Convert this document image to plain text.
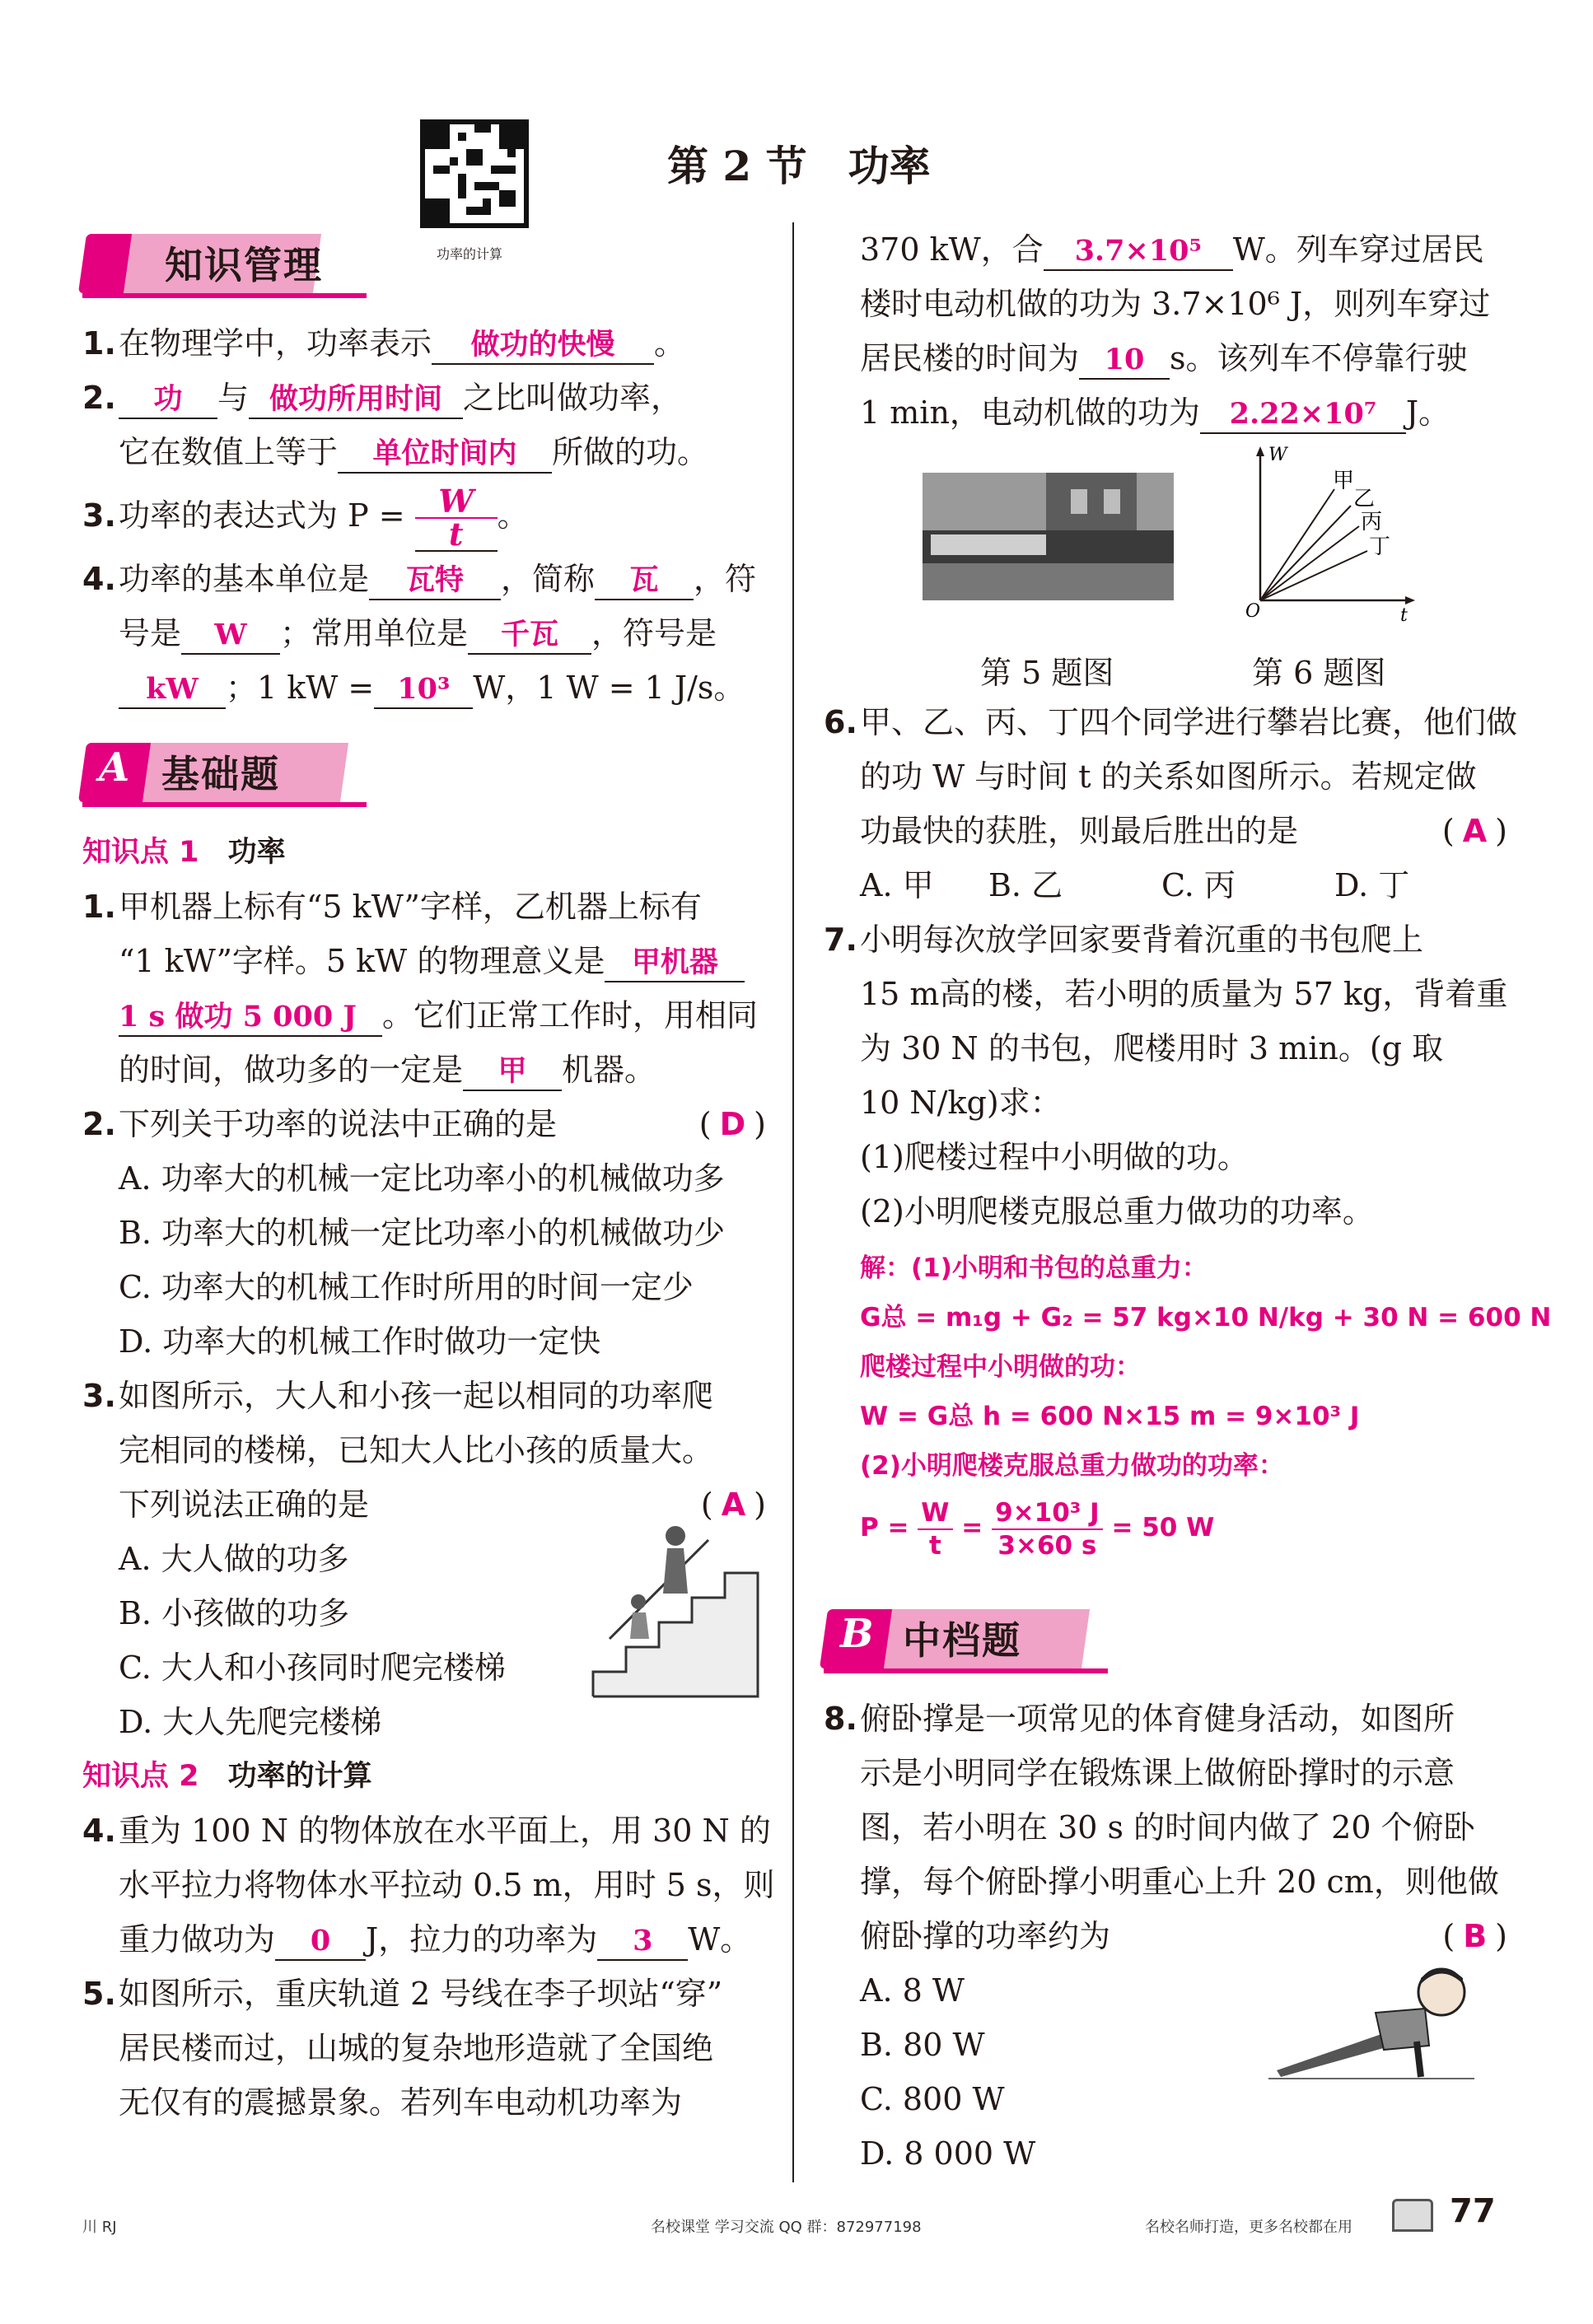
功率的计算
第 2 节　功率
知识管理
1.在物理学中，功率表示 做功的快慢 。
2. 功 与 做功所用时间 之比叫做功率，
它在数值上等于 单位时间内 所做的功。
3.功率的表达式为 $P = \frac{W}{t}$ 。
4.功率的基本单位是 瓦特 ，简称 瓦 ，符
号是 W ；常用单位是 千瓦 ，符号是
kW ；1 kW = 10³ W，1 W = 1 J/s。
A 基础题
知识点 1　 功率
1.甲机器上标有“5 kW”字样，乙机器上标有
“1 kW”字样。5 kW 的物理意义是 甲机器
1 s 做功 5 000 J 。它们正常工作时，用相同
的时间，做功多的一定是 甲 机器。
2.下列关于功率的说法中正确的是	( D )
A. 功率大的机械一定比功率小的机械做功多
B. 功率大的机械一定比功率小的机械做功少
C. 功率大的机械工作时所用的时间一定少
D. 功率大的机械工作时做功一定快
3.如图所示，大人和小孩一起以相同的功率爬
完相同的楼梯，已知大人比小孩的质量大。
下列说法正确的是	( A )
A. 大人做的功多
B. 小孩做的功多
C. 大人和小孩同时爬完楼梯
D. 大人先爬完楼梯
知识点 2　 功率的计算
4.重为 100 N 的物体放在水平面上，用 30 N 的
水平拉力将物体水平拉动 0.5 m，用时 5 s，则
重力做功为 0 J，拉力的功率为 3 W。
5.如图所示，重庆轨道 2 号线在李子坝站“穿”
居民楼而过，山城的复杂地形造就了全国绝
无仅有的震撼景象。若列车电动机功率为
370 kW，合 3.7×10⁵ W。列车穿过居民
楼时电动机做的功为 3.7×10⁶ J，则列车穿过
居民楼的时间为 10 s。该列车不停靠行驶
1 min，电动机做的功为 2.22×10⁷ J。
W
t
O
甲
乙
丙
丁
第 5 题图	第 6 题图
6.甲、乙、丙、丁四个同学进行攀岩比赛，他们做
的功 W 与时间 t 的关系如图所示。若规定做
功最快的获胜，则最后胜出的是	( A )
A. 甲 B. 乙	C. 丙	D. 丁
7.小明每次放学回家要背着沉重的书包爬上
15 m高的楼，若小明的质量为 57 kg，背着重
为 30 N 的书包，爬楼用时 3 min。(g 取
10 N/kg)求：
(1)爬楼过程中小明做的功。
(2)小明爬楼克服总重力做功的功率。
解：(1)小明和书包的总重力：
G总 = m₁g + G₂ = 57 kg×10 N/kg + 30 N = 600 N
爬楼过程中小明做的功：
W = G总 h = 600 N×15 m = 9×10³ J
(2)小明爬楼克服总重力做功的功率：
$P = \frac{W}{t} = \frac{\text{9×10³ J}}{3\times 60 s} = 50$ W
B 中档题
8.俯卧撑是一项常见的体育健身活动，如图所
示是小明同学在锻炼课上做俯卧撑时的示意
图，若小明在 30 s 的时间内做了 20 个俯卧
撑，每个俯卧撑小明重心上升 20 cm，则他做
俯卧撑的功率约为	( B )
A. 8 W
B. 80 W
C. 800 W
D. 8 000 W
川 RJ	名校课堂 学习交流 QQ 群：872977198	名校名师打造，更多名校都在用	77
